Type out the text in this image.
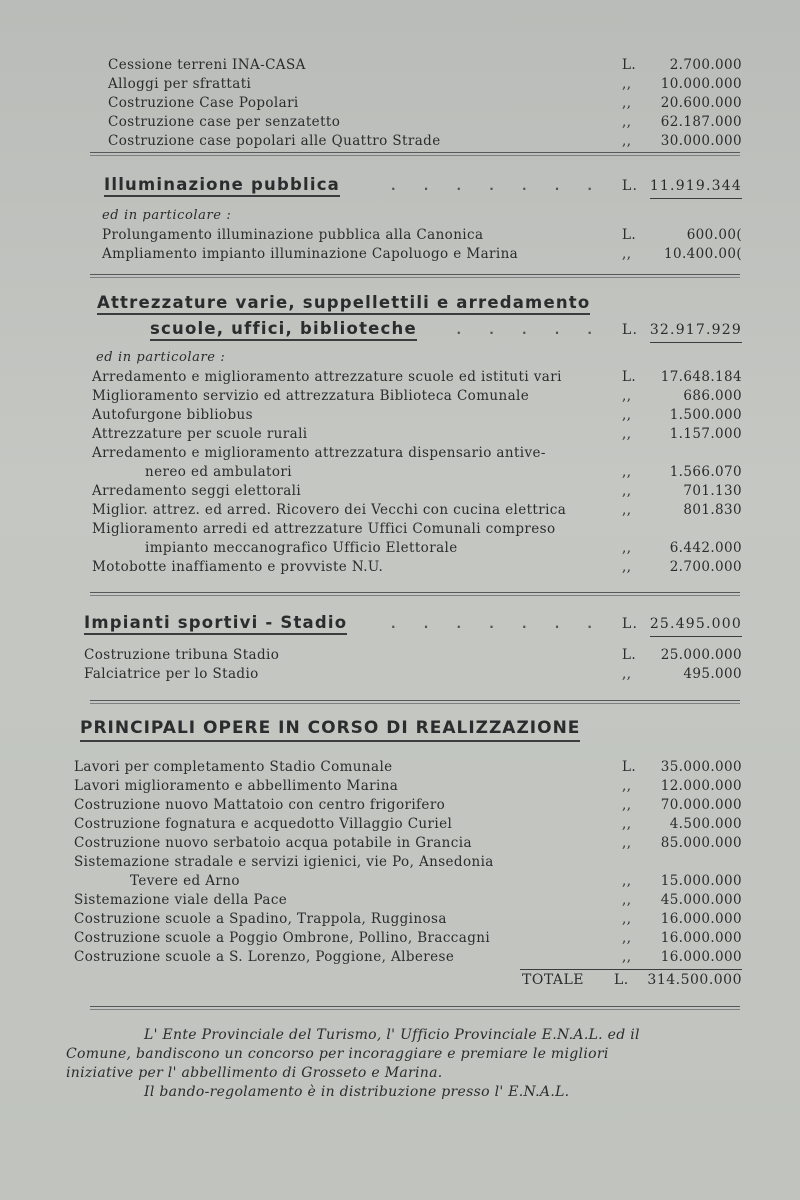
Cessione terreni INA-CASA	L.	2.700.000
Alloggi per sfrattati	,,	10.000.000
Costruzione Case Popolari	,,	20.600.000
Costruzione case per senzatetto	,,	62.187.000
Costruzione case popolari alle Quattro Strade	,,	30.000.000
Illuminazione pubblica	. . . . . . . L. 11.919.344
ed in particolare :
Prolungamento illuminazione pubblica alla Canonica	L.	600.00(
Ampliamento impianto illuminazione Capoluogo e Marina	,,	10.400.00(
Attrezzature varie, suppellettili e arredamento
scuole, uffici, biblioteche	. . . . . L. 32.917.929
ed in particolare :
Arredamento e miglioramento attrezzature scuole ed istituti vari	L.	17.648.184
Miglioramento servizio ed attrezzatura Biblioteca Comunale	,,	686.000
Autofurgone bibliobus	,,	1.500.000
Attrezzature per scuole rurali	,,	1.157.000
Arredamento e miglioramento attrezzatura dispensario antive-
nereo ed ambulatori	,,	1.566.070
Arredamento seggi elettorali	,,	701.130
Miglior. attrez. ed arred. Ricovero dei Vecchi con cucina elettrica	,,	801.830
Miglioramento arredi ed attrezzature Uffici Comunali compreso
impianto meccanografico Ufficio Elettorale	,,	6.442.000
Motobotte inaffiamento e provviste N.U.	,,	2.700.000
Impianti sportivi - Stadio	. . . . . . . L. 25.495.000
Costruzione tribuna Stadio	L.	25.000.000
Falciatrice per lo Stadio	,,	495.000
PRINCIPALI OPERE IN CORSO DI REALIZZAZIONE
Lavori per completamento Stadio Comunale	L.	35.000.000
Lavori miglioramento e abbellimento Marina	,,	12.000.000
Costruzione nuovo Mattatoio con centro frigorifero	,,	70.000.000
Costruzione fognatura e acquedotto Villaggio Curiel	,,	4.500.000
Costruzione nuovo serbatoio acqua potabile in Grancia	,,	85.000.000
Sistemazione stradale e servizi igienici, vie Po, Ansedonia
Tevere ed Arno	,,	15.000.000
Sistemazione viale della Pace	,,	45.000.000
Costruzione scuole a Spadino, Trappola, Rugginosa	,,	16.000.000
Costruzione scuole a Poggio Ombrone, Pollino, Braccagni	,,	16.000.000
Costruzione scuole a S. Lorenzo, Poggione, Alberese	,,	16.000.000

TOTALE L.	314.500.000

L' Ente Provinciale del Turismo, l' Ufficio Provinciale E.N.A.L. ed il

Comune, bandiscono un concorso per incoraggiare e premiare le migliori

iniziative per l' abbellimento di Grosseto e Marina.

Il bando-regolamento è in distribuzione presso l' E.N.A.L.
